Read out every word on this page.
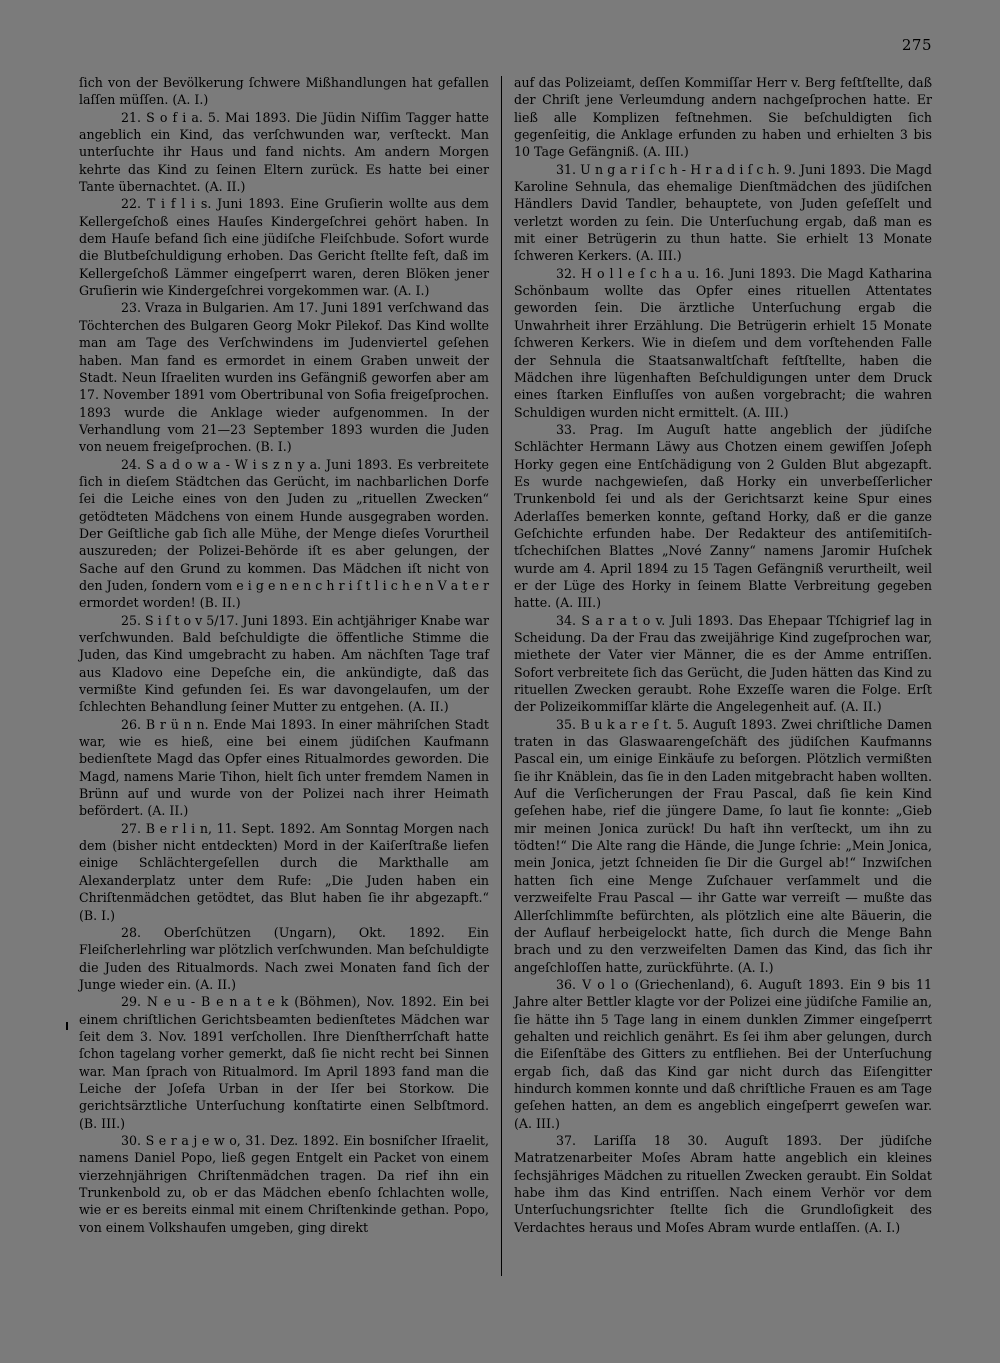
275

ſich von der Bevölkerung ſchwere Mißhandlungen hat gefallen laſſen müſſen. (A. I.)

21. S o f i a. 5. Mai 1893. Die Jüdin Niſſim Tagger hatte angeblich ein Kind, das verſchwunden war, verſteckt. Man unterſuchte ihr Haus und fand nichts. Am andern Morgen kehrte das Kind zu ſeinen Eltern zurück. Es hatte bei einer Tante übernachtet. (A. II.)

22. T i f l i s. Juni 1893. Eine Gruſierin wollte aus dem Kellergeſchoß eines Hauſes Kindergeſchrei gehört haben. In dem Hauſe befand ſich eine jüdiſche Fleiſchbude. Sofort wurde die Blutbeſchuldigung erhoben. Das Gericht ſtellte feſt, daß im Kellergeſchoß Lämmer eingeſperrt waren, deren Blöken jener Gruſierin wie Kindergeſchrei vorgekommen war. (A. I.)

23. Vraza in Bulgarien. Am 17. Juni 1891 verſchwand das Töchterchen des Bulgaren Georg Mokr Pilekof. Das Kind wollte man am Tage des Verſchwindens im Judenviertel geſehen haben. Man fand es ermordet in einem Graben unweit der Stadt. Neun Iſraeliten wurden ins Gefängniß geworfen aber am 17. November 1891 vom Obertribunal von Sofia freigeſprochen. 1893 wurde die Anklage wieder aufgenommen. In der Verhandlung vom 21—23 September 1893 wurden die Juden von neuem freigeſprochen. (B. I.)

24. S a d o w a - W i s z n y a. Juni 1893. Es verbreitete ſich in dieſem Städtchen das Gerücht, im nachbarlichen Dorfe ſei die Leiche eines von den Juden zu „rituellen Zwecken“ getödteten Mädchens von einem Hunde ausgegraben worden. Der Geiſtliche gab ſich alle Mühe, der Menge dieſes Vorurtheil auszureden; der Polizei-Behörde iſt es aber gelungen, der Sache auf den Grund zu kommen. Das Mädchen iſt nicht von den Juden, ſondern vom e i g e n e n c h r i ſ t l i c h e n V a t e r ermordet worden! (B. II.)

25. S i ſ t o v 5/17. Juni 1893. Ein achtjähriger Knabe war verſchwunden. Bald beſchuldigte die öffentliche Stimme die Juden, das Kind umgebracht zu haben. Am nächſten Tage traf aus Kladovo eine Depeſche ein, die ankündigte, daß das vermißte Kind gefunden ſei. Es war davongelaufen, um der ſchlechten Behandlung ſeiner Mutter zu entgehen. (A. II.)

26. B r ü n n. Ende Mai 1893. In einer mähriſchen Stadt war, wie es hieß, eine bei einem jüdiſchen Kaufmann bedienſtete Magd das Opfer eines Ritualmordes geworden. Die Magd, namens Marie Tihon, hielt ſich unter fremdem Namen in Brünn auf und wurde von der Polizei nach ihrer Heimath befördert. (A. II.)

27. B e r l i n, 11. Sept. 1892. Am Sonntag Morgen nach dem (bisher nicht entdeckten) Mord in der Kaiſerſtraße liefen einige Schlächtergeſellen durch die Markthalle am Alexanderplatz unter dem Rufe: „Die Juden haben ein Chriſtenmädchen getödtet, das Blut haben ſie ihr abgezapft.“ (B. I.)

28. Oberſchützen (Ungarn), Okt. 1892. Ein Fleiſcherlehrling war plötzlich verſchwunden. Man beſchuldigte die Juden des Ritualmords. Nach zwei Monaten fand ſich der Junge wieder ein. (A. II.)

29. N e u - B e n a t e k (Böhmen), Nov. 1892. Ein bei einem chriſtlichen Gerichtsbeamten bedienſtetes Mädchen war ſeit dem 3. Nov. 1891 verſchollen. Ihre Dienſtherrſchaft hatte ſchon tagelang vorher gemerkt, daß ſie nicht recht bei Sinnen war. Man ſprach von Ritualmord. Im April 1893 fand man die Leiche der Joſefa Urban in der Iſer bei Storkow. Die gerichtsärztliche Unterſuchung konſtatirte einen Selbſtmord. (B. III.)

30. S e r a j e w o, 31. Dez. 1892. Ein bosniſcher Iſraelit, namens Daniel Popo, ließ gegen Entgelt ein Packet von einem vierzehnjährigen Chriſtenmädchen tragen. Da rief ihn ein Trunkenbold zu, ob er das Mädchen ebenſo ſchlachten wolle, wie er es bereits einmal mit einem Chriſtenkinde gethan. Popo, von einem Volkshaufen umgeben, ging direkt

auf das Polizeiamt, deſſen Kommiſſar Herr v. Berg feſtſtellte, daß der Chriſt jene Verleumdung andern nachgeſprochen hatte. Er ließ alle Komplizen feſtnehmen. Sie beſchuldigten ſich gegenſeitig, die Anklage erfunden zu haben und erhielten 3 bis 10 Tage Gefängniß. (A. III.)

31. U n g a r i ſ c h - H r a d i ſ c h. 9. Juni 1893. Die Magd Karoline Sehnula, das ehemalige Dienſtmädchen des jüdiſchen Händlers David Tandler, behauptete, von Juden geſeſſelt und verletzt worden zu ſein. Die Unterſuchung ergab, daß man es mit einer Betrügerin zu thun hatte. Sie erhielt 13 Monate ſchweren Kerkers. (A. III.)

32. H o l l e ſ c h a u. 16. Juni 1893. Die Magd Katharina Schönbaum wollte das Opfer eines rituellen Attentates geworden ſein. Die ärztliche Unterſuchung ergab die Unwahrheit ihrer Erzählung. Die Betrügerin erhielt 15 Monate ſchweren Kerkers. Wie in dieſem und dem vorſtehenden Falle der Sehnula die Staatsanwaltſchaft feſtſtellte, haben die Mädchen ihre lügenhaften Beſchuldigungen unter dem Druck eines ſtarken Einfluſſes von außen vorgebracht; die wahren Schuldigen wurden nicht ermittelt. (A. III.)

33. Prag. Im Auguſt hatte angeblich der jüdiſche Schlächter Hermann Läwy aus Chotzen einem gewiſſen Joſeph Horky gegen eine Entſchädigung von 2 Gulden Blut abgezapft. Es wurde nachgewieſen, daß Horky ein unverbeſſerlicher Trunkenbold ſei und als der Gerichtsarzt keine Spur eines Aderlaſſes bemerken konnte, geſtand Horky, daß er die ganze Geſchichte erfunden habe. Der Redakteur des antiſemitiſch-tſchechiſchen Blattes „Nové Zanny“ namens Jaromir Huſchek wurde am 4. April 1894 zu 15 Tagen Gefängniß verurtheilt, weil er der Lüge des Horky in ſeinem Blatte Verbreitung gegeben hatte. (A. III.)

34. S a r a t o v. Juli 1893. Das Ehepaar Tſchigrief lag in Scheidung. Da der Frau das zweijährige Kind zugeſprochen war, miethete der Vater vier Männer, die es der Amme entriſſen. Sofort verbreitete ſich das Gerücht, die Juden hätten das Kind zu rituellen Zwecken geraubt. Rohe Exzeſſe waren die Folge. Erſt der Polizeikommiſſar klärte die Angelegenheit auf. (A. II.)

35. B u k a r e ſ t. 5. Auguſt 1893. Zwei chriſtliche Damen traten in das Glaswaarengeſchäft des jüdiſchen Kaufmanns Pascal ein, um einige Einkäufe zu beſorgen. Plötzlich vermißten ſie ihr Knäblein, das ſie in den Laden mitgebracht haben wollten. Auf die Verſicherungen der Frau Pascal, daß ſie kein Kind geſehen habe, rief die jüngere Dame, ſo laut ſie konnte: „Gieb mir meinen Jonica zurück! Du haſt ihn verſteckt, um ihn zu tödten!“ Die Alte rang die Hände, die Junge ſchrie: „Mein Jonica, mein Jonica, jetzt ſchneiden ſie Dir die Gurgel ab!“ Inzwiſchen hatten ſich eine Menge Zuſchauer verſammelt und die verzweifelte Frau Pascal — ihr Gatte war verreiſt — mußte das Allerſchlimmſte befürchten, als plötzlich eine alte Bäuerin, die der Auflauf herbeigelockt hatte, ſich durch die Menge Bahn brach und zu den verzweifelten Damen das Kind, das ſich ihr angeſchloſſen hatte, zurückführte. (A. I.)

36. V o l o (Griechenland), 6. Auguſt 1893. Ein 9 bis 11 Jahre alter Bettler klagte vor der Polizei eine jüdiſche Familie an, ſie hätte ihn 5 Tage lang in einem dunklen Zimmer eingeſperrt gehalten und reichlich genährt. Es ſei ihm aber gelungen, durch die Eiſenſtäbe des Gitters zu entfliehen. Bei der Unterſuchung ergab ſich, daß das Kind gar nicht durch das Eiſengitter hindurch kommen konnte und daß chriſtliche Frauen es am Tage geſehen hatten, an dem es angeblich eingeſperrt geweſen war. (A. III.)

37. Lariſſa 18 30. Auguſt 1893. Der jüdiſche Matratzenarbeiter Moſes Abram hatte angeblich ein kleines ſechsjähriges Mädchen zu rituellen Zwecken geraubt. Ein Soldat habe ihm das Kind entriſſen. Nach einem Verhör vor dem Unterſuchungsrichter ſtellte ſich die Grundloſigkeit des Verdachtes heraus und Moſes Abram wurde entlaſſen. (A. I.)
